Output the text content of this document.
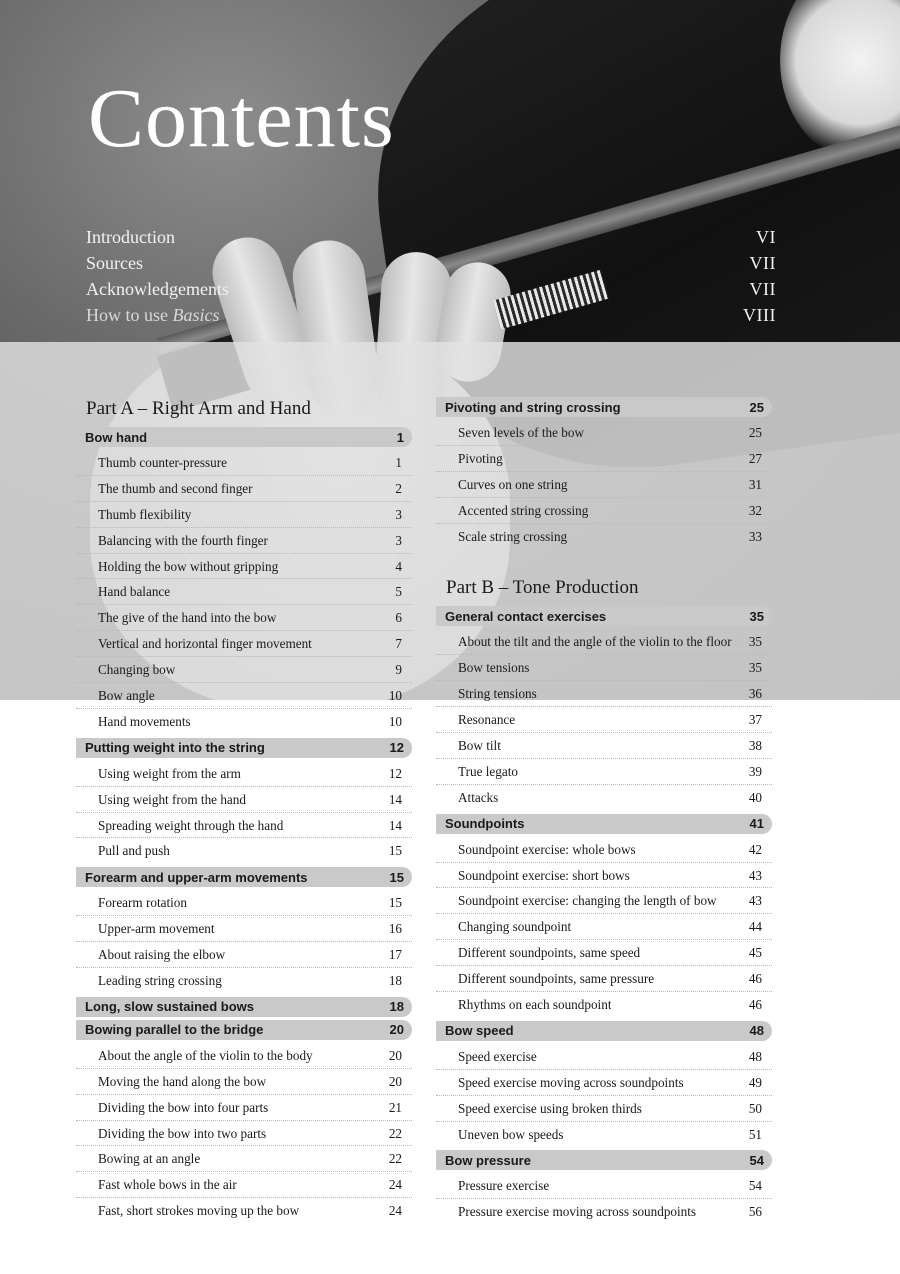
Contents
Introduction	VI
Sources	VII
Acknowledgements	VII
How to use Basics	VIII
Part A – Right Arm and Hand
Bow hand	1
Thumb counter-pressure	1
The thumb and second finger	2
Thumb flexibility	3
Balancing with the fourth finger	3
Holding the bow without gripping	4
Hand balance	5
The give of the hand into the bow	6
Vertical and horizontal finger movement	7
Changing bow	9
Bow angle	10
Hand movements	10
Putting weight into the string	12
Using weight from the arm	12
Using weight from the hand	14
Spreading weight through the hand	14
Pull and push	15
Forearm and upper-arm movements	15
Forearm rotation	15
Upper-arm movement	16
About raising the elbow	17
Leading string crossing	18
Long, slow sustained bows	18
Bowing parallel to the bridge	20
About the angle of the violin to the body	20
Moving the hand along the bow	20
Dividing the bow into four parts	21
Dividing the bow into two parts	22
Bowing at an angle	22
Fast whole bows in the air	24
Fast, short strokes moving up the bow	24
Pivoting and string crossing	25
Seven levels of the bow	25
Pivoting	27
Curves on one string	31
Accented string crossing	32
Scale string crossing	33
Part B – Tone Production
General contact exercises	35
About the tilt and the angle of the violin to the floor	35
Bow tensions	35
String tensions	36
Resonance	37
Bow tilt	38
True legato	39
Attacks	40
Soundpoints	41
Soundpoint exercise: whole bows	42
Soundpoint exercise: short bows	43
Soundpoint exercise: changing the length of bow	43
Changing soundpoint	44
Different soundpoints, same speed	45
Different soundpoints, same pressure	46
Rhythms on each soundpoint	46
Bow speed	48
Speed exercise	48
Speed exercise moving across soundpoints	49
Speed exercise using broken thirds	50
Uneven bow speeds	51
Bow pressure	54
Pressure exercise	54
Pressure exercise moving across soundpoints	56
